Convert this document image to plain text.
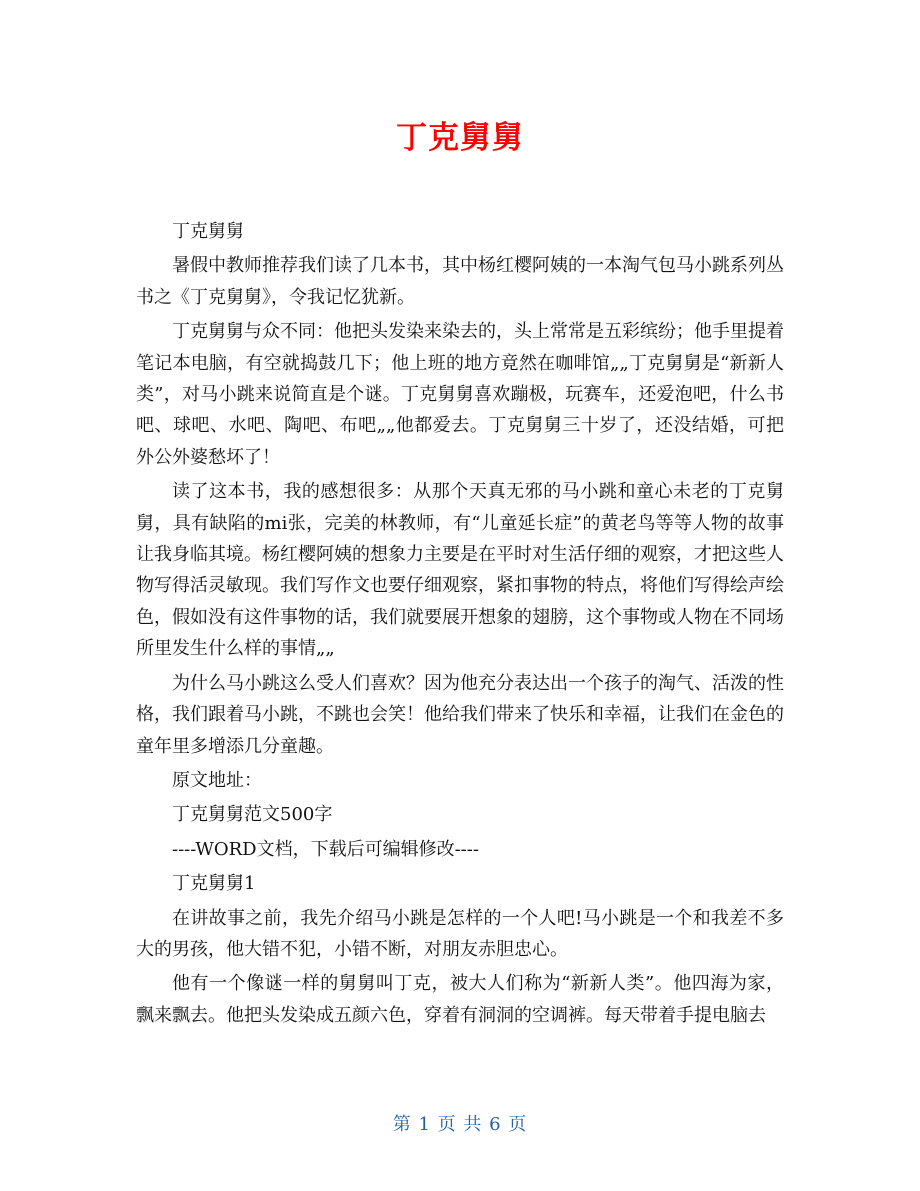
丁克舅舅

丁克舅舅

暑假中教师推荐我们读了几本书，其中杨红樱阿姨的一本淘气包马小跳系列丛书之《丁克舅舅》，令我记忆犹新。

丁克舅舅与众不同：他把头发染来染去的，头上常常是五彩缤纷；他手里提着笔记本电脑，有空就捣鼓几下；他上班的地方竟然在咖啡馆„„丁克舅舅是“新新人类”，对马小跳来说简直是个谜。丁克舅舅喜欢蹦极，玩赛车，还爱泡吧，什么书吧、球吧、水吧、陶吧、布吧„„他都爱去。丁克舅舅三十岁了，还没结婚，可把外公外婆愁坏了！

读了这本书，我的感想很多：从那个天真无邪的马小跳和童心未老的丁克舅舅，具有缺陷的mi张，完美的林教师，有“儿童延长症”的黄老鸟等等人物的故事让我身临其境。杨红樱阿姨的想象力主要是在平时对生活仔细的观察，才把这些人物写得活灵敏现。我们写作文也要仔细观察，紧扣事物的特点，将他们写得绘声绘色，假如没有这件事物的话，我们就要展开想象的翅膀，这个事物或人物在不同场所里发生什么样的事情„„

为什么马小跳这么受人们喜欢？因为他充分表达出一个孩子的淘气、活泼的性格，我们跟着马小跳，不跳也会笑！他给我们带来了快乐和幸福，让我们在金色的童年里多增添几分童趣。

原文地址：

丁克舅舅范文500字

----WORD文档，下载后可编辑修改----

丁克舅舅1

在讲故事之前，我先介绍马小跳是怎样的一个人吧!马小跳是一个和我差不多大的男孩，他大错不犯，小错不断，对朋友赤胆忠心。

他有一个像谜一样的舅舅叫丁克，被大人们称为“新新人类”。他四海为家，飘来飘去。他把头发染成五颜六色，穿着有洞洞的空调裤。每天带着手提电脑去

第 1 页 共 6 页
